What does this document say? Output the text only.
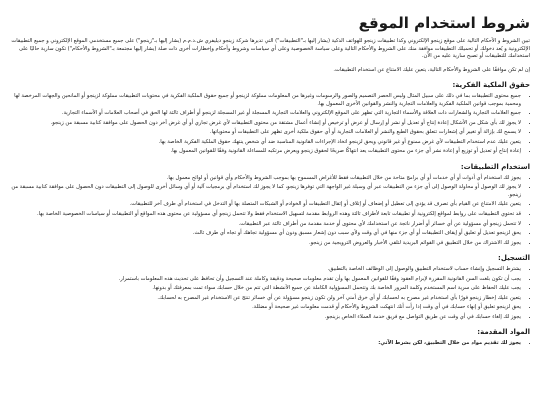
شروط استخدام الموقع

تبين الشروط و الأحكام التالية على موقع زينجو الإلكتروني وكذا تطبيقات زينجو للهواتف الذكية (يشار إليها بـ"التطبيقات") التي تديرها شركة زينجو ديليفري ش.ذ.م.م (يشار إليها بـ"زينجو") على جميع مستخدمي الموقع الإلكتروني و جميع التطبيقات الإلكترونية و يُعد دخولك أو تحميلك التطبيقات موافقة منك على الشروط والأحكام التالية وعلى سياسة الخصوصية وعلى أي سياسات وشروط وأحكام وإخطارات أخرى ذات صلة (يشار إليها مجتمعة بـ"الشروط والأحكام") تكون سارية حاليًا على استخدامك للتطبيقات أو تصبح سارية عليه من الآن.

إن لم تكن موافقًا على الشروط والأحكام التالية، يتعين عليك الامتناع عن استخدام التطبيقات.

حقوق الملكية الفكرية:
• جميع محتوى التطبيقات بما في ذلك على سبيل المثال وليس الحصر التصميم والصور والرسومات وغيرها من المعلومات مملوكة لزينجو أو جميع حقوق الملكية الفكرية في محتويات التطبيقات مملوكة لزينجو أو المانحين والجهات المرخصة لها ومحمية بموجب قوانين الملكية الفكرية والعلامات التجارية والنشر والقوانين الأخرى المعمول بها.
• جميع العلامات التجارية والشعارات ذات العلاقة والأسماء التجارية التي تظهر على الموقع الإلكتروني والعلامات التجارية المسجلة أو غير المسجلة لزينجو أو أطراف ثالثة لها الحق في أصحاب العلامات أو الأسماء التجارية.
• لا يجوز لك بأي شكل من الأشكال إعادة إنتاج أو تعديل أو نشر أو إرسال أو عرض أو ترخيص أو إنشاء أعمال مشتقة من محتوى التطبيقات لأي غرض تجاري أو أي غرض آخر دون الحصول على موافقة كتابية مسبقة من زينجو.
• لا يسمح لك بإزالة أو تغيير أي إشعارات تتعلق بحقوق الطبع والنشر أو العلامات التجارية أو أي حقوق ملكية أخرى تظهر على التطبيقات أو محتوياتها.
• يتعين عليك عدم استخدام التطبيقات لأي غرض ممنوع أو غير قانوني ويحق لزينجو اتخاذ الإجراءات القانونية المناسبة ضد أي شخص ينتهك حقوق الملكية الفكرية الخاصة بها.
• إعادة إنتاج أو تعديل أو توزيع أو إعادة نشر أي جزء من محتوى التطبيقات يعد انتهاكًا صريحًا لحقوق زينجو ويعرض مرتكبه للمساءلة القانونية وفقًا للقوانين المعمول بها.
استخدام التطبيقات:
• يجوز لك استخدام أي أدوات أو أي خدمات أو أي برامج متاحة من خلال التطبيقات فقط للأغراض المسموح بها بموجب الشروط والأحكام وأي قوانين أو لوائح معمول بها.
• لا يجوز لك الوصول أو محاولة الوصول إلى أي جزء من التطبيقات عبر أي وسيلة غير الواجهة التي توفرها زينجو، كما لا يجوز لك استخدام أي برمجيات آلية أو أي وسائل أخرى للوصول إلى التطبيقات دون الحصول على موافقة كتابية مسبقة من زينجو.
• يتعين عليك الامتناع عن القيام بأي تصرف قد يؤدي إلى تعطيل أو إضعاف أو إتلاف أو إثقال التطبيقات أو الخوادم أو الشبكات المتصلة بها أو التدخل في استخدام أي طرف آخر للتطبيقات.
• قد تحتوي التطبيقات على روابط لمواقع إلكترونية أو تطبيقات تابعة لأطراف ثالثة وهذه الروابط مقدمة لتسهيل الاستخدام فقط ولا تتحمل زينجو أي مسؤولية عن محتوى هذه المواقع أو التطبيقات أو سياسات الخصوصية الخاصة بها.
• لا تتحمل زينجو أي مسؤولية عن أي خسائر أو أضرار ناتجة عن استخدامك لأي محتوى أو خدمة مقدمة من أطراف ثالثة عبر التطبيقات.
• يحق لزينجو تعديل أو تعليق أو إيقاف التطبيقات أو أي جزء منها في أي وقت ولأي سبب دون إشعار مسبق ودون أي مسؤولية تجاهك أو تجاه أي طرف ثالث.
• يجوز لك الاشتراك من خلال التطبيق في القوائم البريدية لتلقي الأخبار والعروض الترويجية من زينجو.
التسجيل:
• يشترط التسجيل وإنشاء حساب لاستخدام التطبيق والوصول إلى الوظائف الخاصة بالتطبيق.
• يجب أن تكون بلغت السن القانونية المقررة لإبرام العقود وفقًا للقوانين المعمول بها وأن تقدم معلومات صحيحة ودقيقة وكاملة عند التسجيل وأن تحافظ على تحديث هذه المعلومات باستمرار.
• يجب عليك الحفاظ على سرية اسم المستخدم وكلمة المرور الخاصة بك وتتحمل المسؤولية الكاملة عن جميع الأنشطة التي تتم من خلال حسابك سواء تمت بمعرفتك أو بدونها.
• يتعين عليك إخطار زينجو فورًا بأي استخدام غير مصرح به لحسابك أو أي خرق أمني آخر ولن تكون زينجو مسؤولة عن أي خسائر تنتج عن الاستخدام غير المصرح به لحسابك.
• يحق لزينجو تعليق أو إنهاء حسابك في أي وقت إذا رأت أنك انتهكت الشروط والأحكام أو قدمت معلومات غير صحيحة أو مضللة.
• يجوز لك إلغاء حسابك في أي وقت عن طريق التواصل مع فريق خدمة العملاء الخاص بزينجو.
المواد المقدمة:
• يجوز لك تقديم مواد من خلال التطبيق، لكن بشرط الآتي:
